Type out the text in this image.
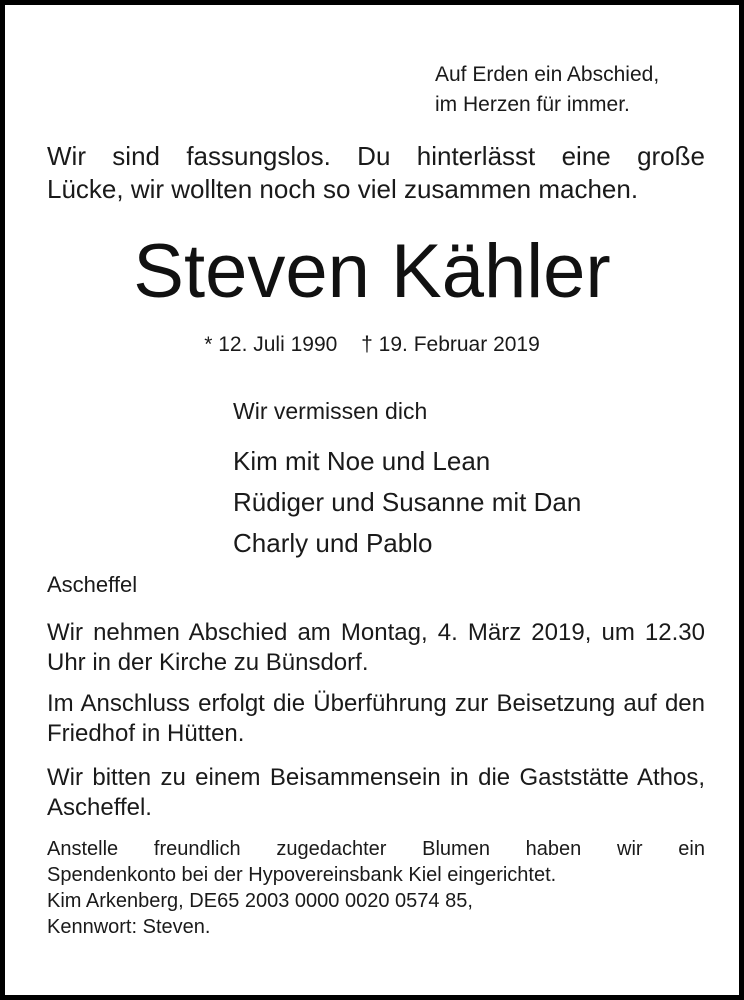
Auf Erden ein Abschied,
im Herzen für immer.
Wir sind fassungslos. Du hinterlässt eine große
Lücke, wir wollten noch so viel zusammen machen.
Steven Kähler
* 12. Juli 1990 † 19. Februar 2019
Wir vermissen dich
Kim mit Noe und Lean
Rüdiger und Susanne mit Dan
Charly und Pablo
Ascheffel
Wir nehmen Abschied am Montag, 4. März 2019, um 12.30 Uhr in der Kirche zu Bünsdorf.
Im Anschluss erfolgt die Überführung zur Beisetzung auf den Friedhof in Hütten.
Wir bitten zu einem Beisammensein in die Gaststätte Athos, Ascheffel.
Anstelle freundlich zugedachter Blumen haben wir ein
Spendenkonto bei der Hypovereinsbank Kiel eingerichtet.
Kim Arkenberg, DE65 2003 0000 0020 0574 85,
Kennwort: Steven.
